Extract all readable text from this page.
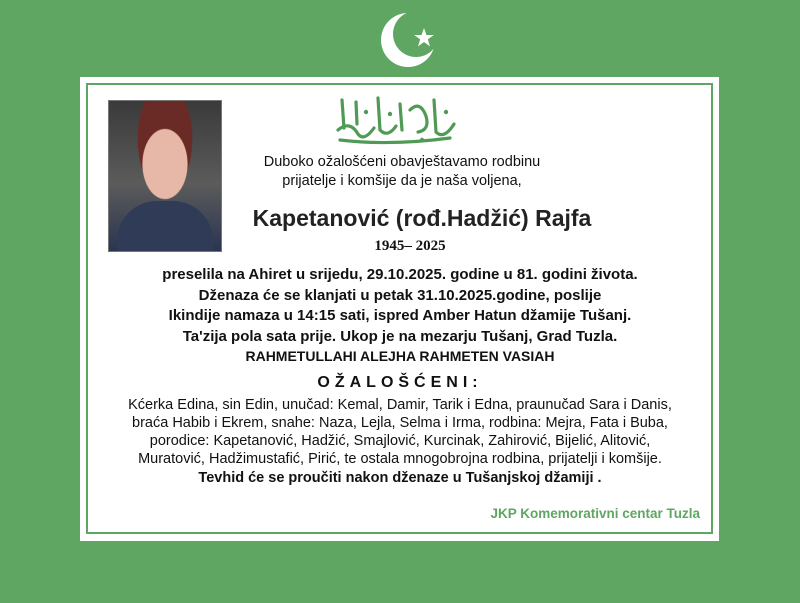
Duboko ožalošćeni obavještavamo rodbinu
prijatelje i komšije da je naša voljena,
Kapetanović (rođ.Hadžić) Rajfa
1945– 2025
preselila na Ahiret u srijedu, 29.10.2025. godine u 81. godini života.
Dženaza će se klanjati u petak 31.10.2025.godine, poslije
Ikindije namaza u 14:15 sati, ispred Amber Hatun džamije Tušanj.
Ta'zija pola sata prije. Ukop je na mezarju Tušanj, Grad Tuzla.
RAHMETULLAHI ALEJHA RAHMETEN VASIAH
OŽALOŠĆENI:
Kćerka Edina, sin Edin, unučad: Kemal, Damir, Tarik i Edna, praunučad Sara i Danis,
braća Habib i Ekrem, snahe: Naza, Lejla, Selma i Irma, rodbina: Mejra, Fata i Buba,
porodice: Kapetanović, Hadžić, Smajlović, Kurcinak, Zahirović, Bijelić, Alitović,
Muratović, Hadžimustafić, Pirić, te ostala mnogobrojna rodbina, prijatelji i komšije.
Tevhid će se proučiti nakon dženaze u Tušanjskoj džamiji .
JKP Komemorativni centar Tuzla
